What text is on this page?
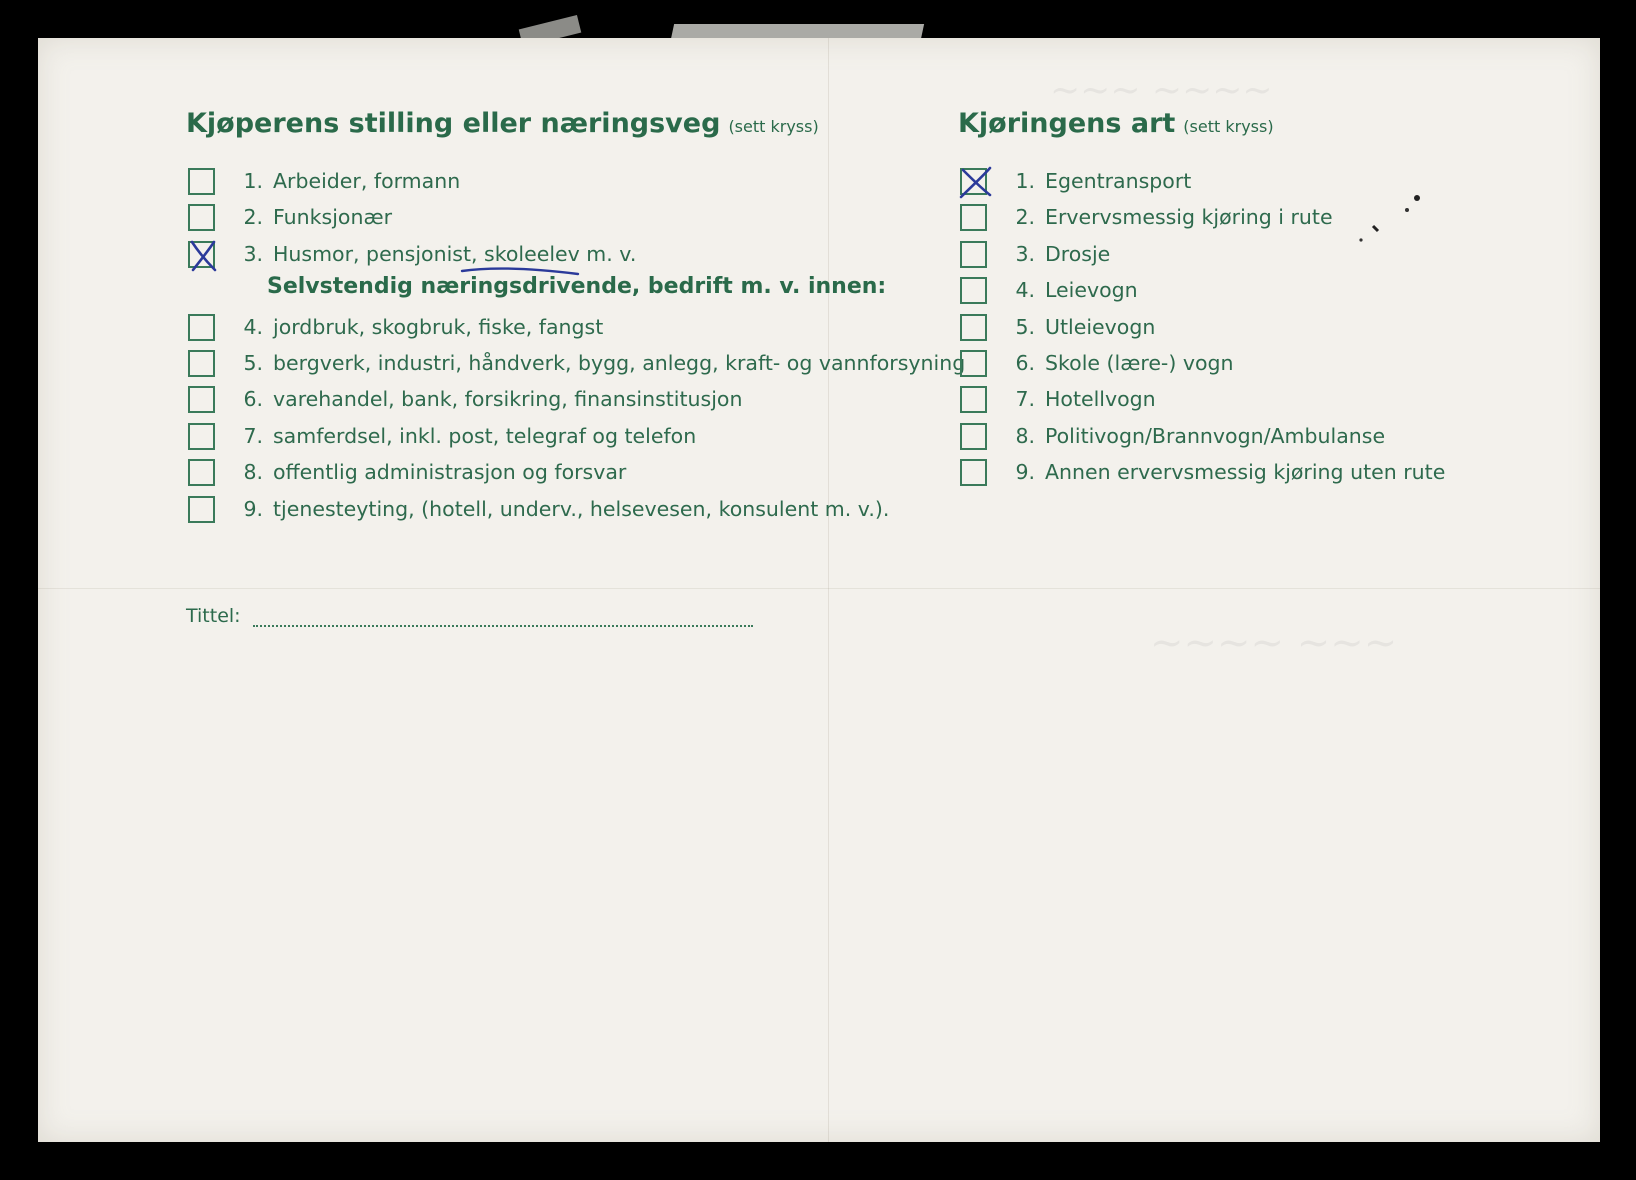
~~~ ~~~~
~~~~ ~~~
Kjøperens stilling eller næringsveg (sett kryss)
1. Arbeider, formann
2. Funksjonær
3. Husmor, pensjonist, skoleelev m. v.
Selvstendig næringsdrivende, bedrift m. v. innen:
4. jordbruk, skogbruk, fiske, fangst
5. bergverk, industri, håndverk, bygg, anlegg, kraft- og vannforsyning
6. varehandel, bank, forsikring, finansinstitusjon
7. samferdsel, inkl. post, telegraf og telefon
8. offentlig administrasjon og forsvar
9. tjenesteyting, (hotell, underv., helsevesen, konsulent m. v.).
Tittel:
Kjøringens art (sett kryss)
1. Egentransport
2. Ervervsmessig kjøring i rute
3. Drosje
4. Leievogn
5. Utleievogn
6. Skole (lære-) vogn
7. Hotellvogn
8. Politivogn/Brannvogn/Ambulanse
9. Annen ervervsmessig kjøring uten rute
